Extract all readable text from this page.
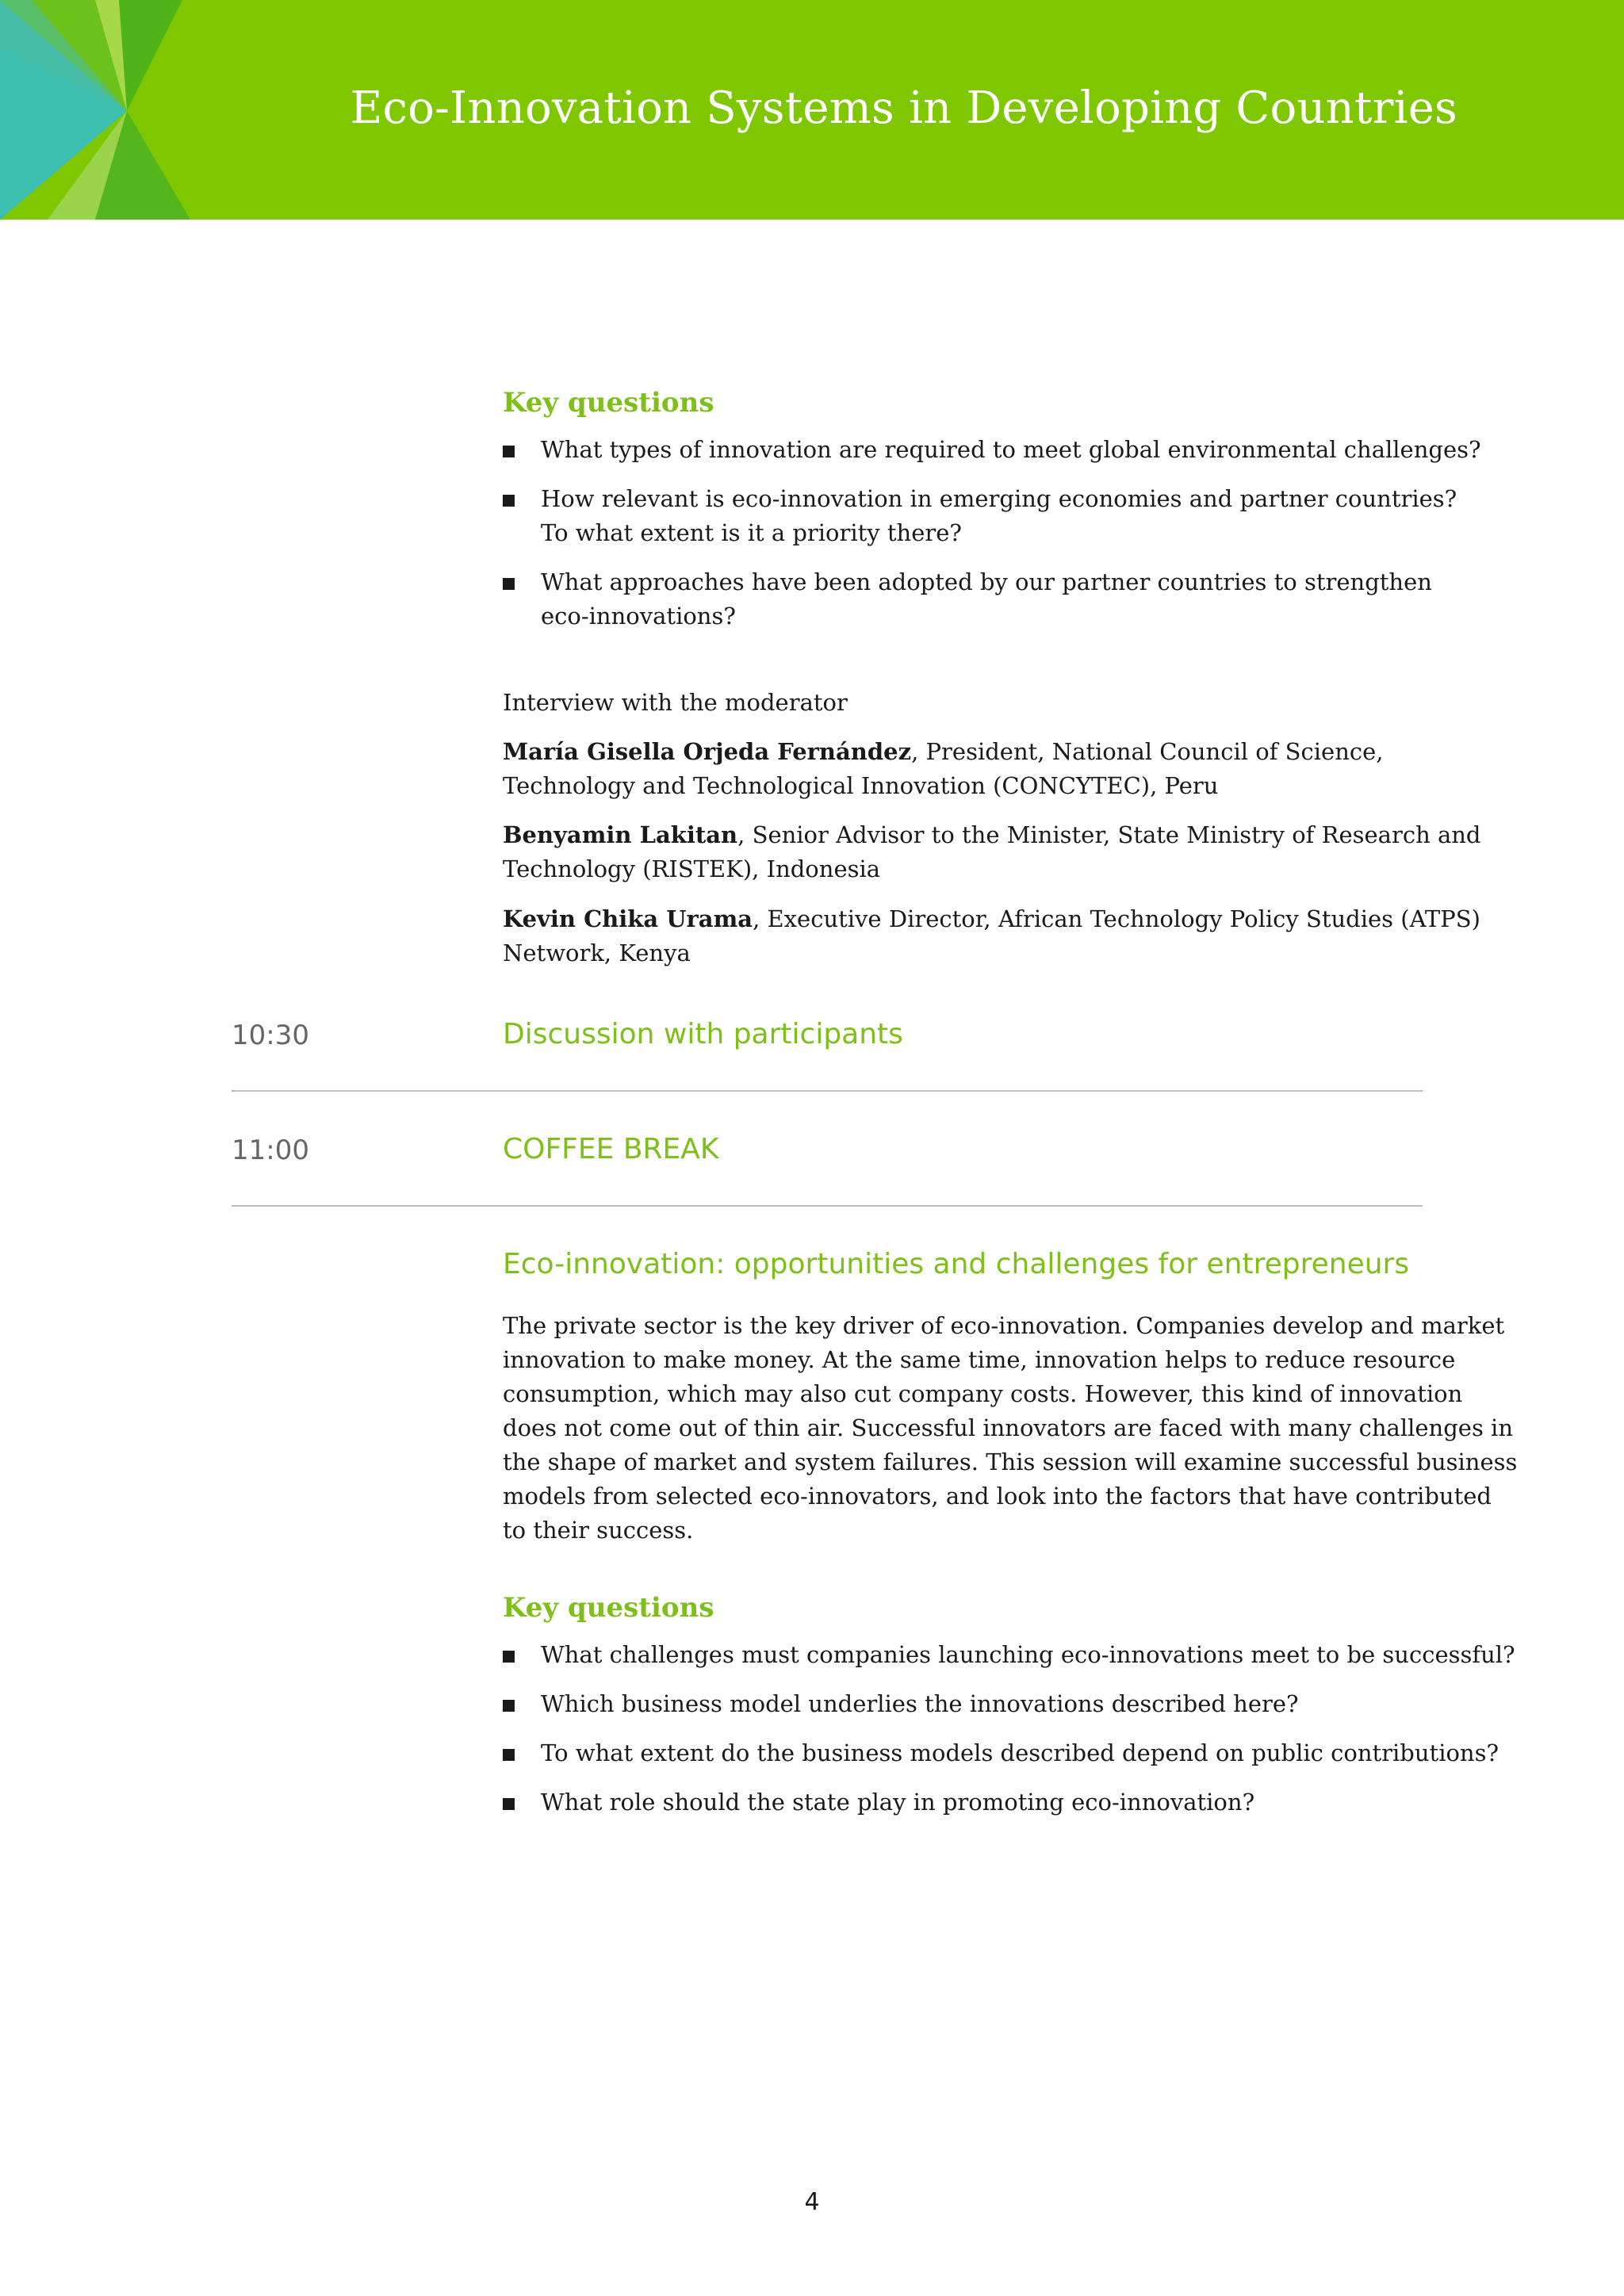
Eco-Innovation Systems in Developing Countries
Key questions
What types of innovation are required to meet global environmental challenges?
How relevant is eco-innovation in emerging economies and partner countries?
To what extent is it a priority there?
What approaches have been adopted by our partner countries to strengthen
eco-innovations?

Interview with the moderator

María Gisella Orjeda Fernández, President, National Council of Science,

Technology and Technological Innovation (CONCYTEC), Peru

Benyamin Lakitan, Senior Advisor to the Minister, State Ministry of Research and

Technology (RISTEK), Indonesia

Kevin Chika Urama, Executive Director, African Technology Policy Studies (ATPS)

Network, Kenya

10:30	Discussion with participants
11:00	COFFEE BREAK
Eco-innovation: opportunities and challenges for entrepreneurs

The private sector is the key driver of eco-innovation. Companies develop and market

innovation to make money. At the same time, innovation helps to reduce resource

consumption, which may also cut company costs. However, this kind of innovation

does not come out of thin air. Successful innovators are faced with many challenges in

the shape of market and system failures. This session will examine successful business

models from selected eco-innovators, and look into the factors that have contributed

to their success.

Key questions
What challenges must companies launching eco-innovations meet to be successful?
Which business model underlies the innovations described here?
To what extent do the business models described depend on public contributions?
What role should the state play in promoting eco-innovation?
4
